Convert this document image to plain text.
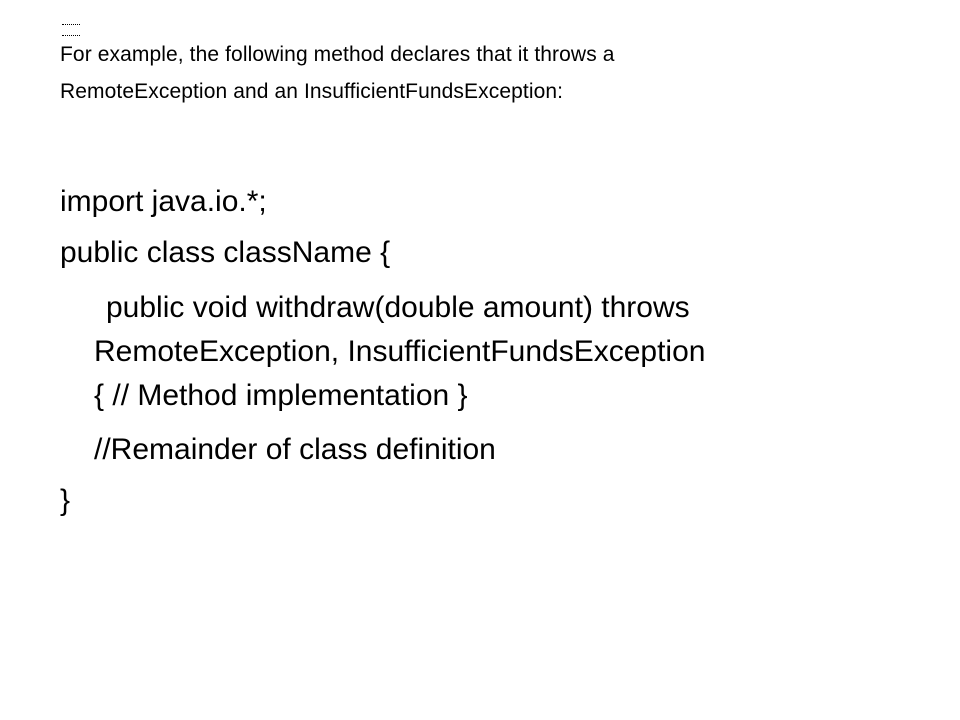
For example, the following method declares that it throws a
RemoteException and an InsufficientFundsException:
import java.io.*;
public class className {
public void withdraw(double amount) throws
RemoteException, InsufficientFundsException
{ // Method implementation }
//Remainder of class definition
}
